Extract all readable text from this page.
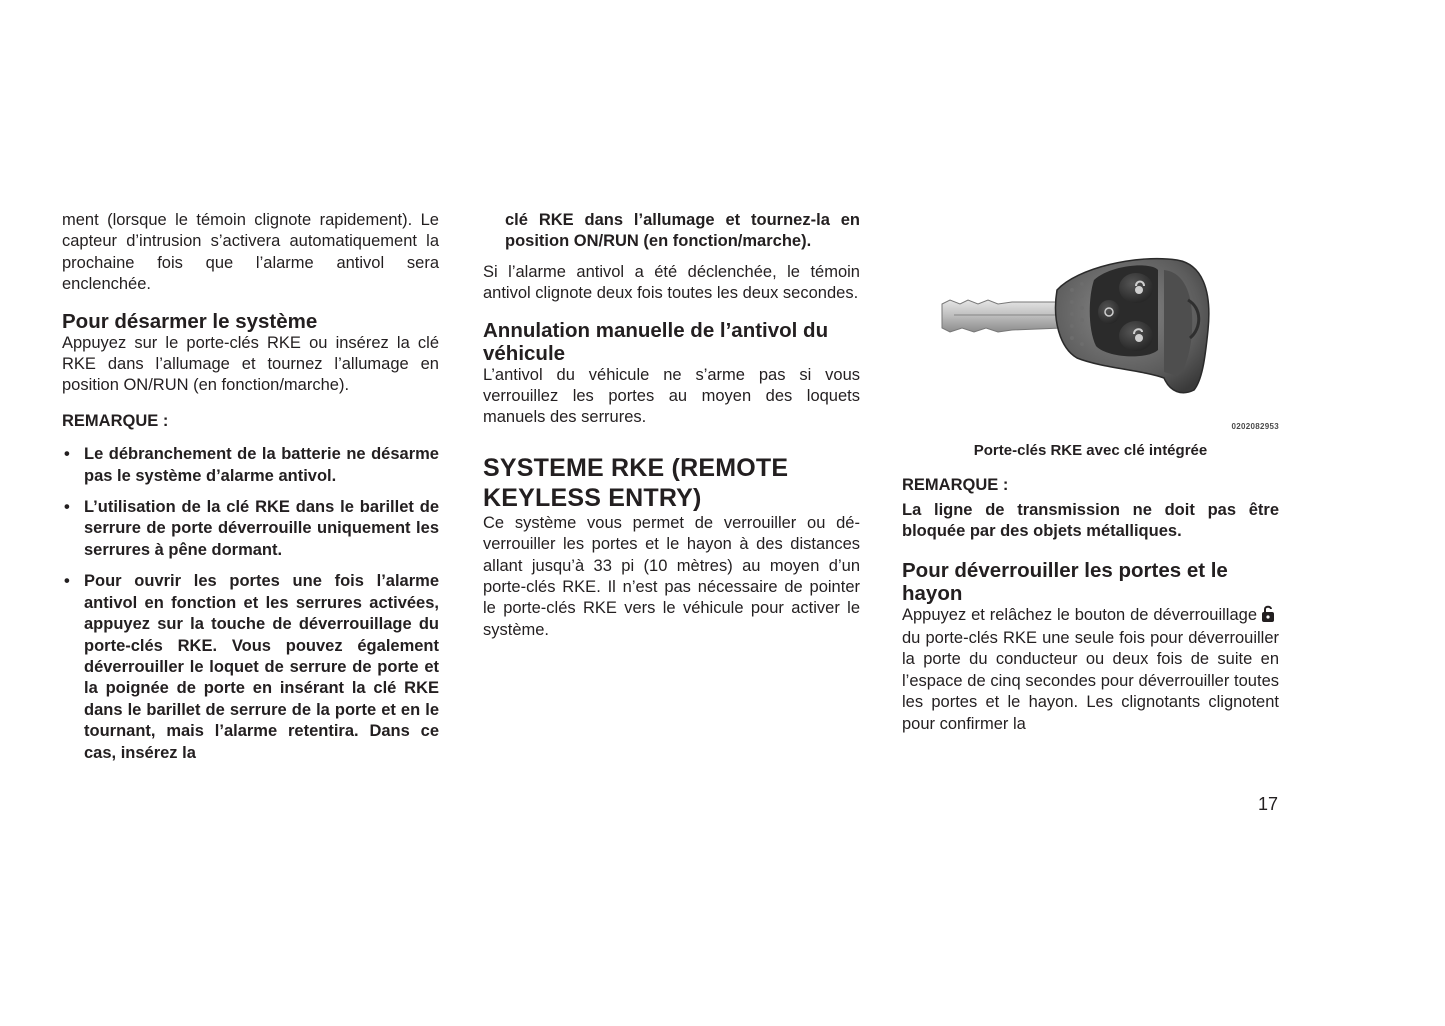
ment (lorsque le témoin clignote rapidement). Le capteur d’intrusion s’activera automatiquement la prochaine fois que l’alarme antivol sera enclenchée.

Pour désarmer le système

Appuyez sur le porte-clés RKE ou insérez la clé RKE dans l’allumage et tournez l’allumage en position ON/RUN (en fonction/marche).

REMARQUE :
• Le débranchement de la batterie ne désarme pas le système d’alarme antivol.
• L’utilisation de la clé RKE dans le barillet de serrure de porte déverrouille uniquement les serrures à pêne dormant.
• Pour ouvrir les portes une fois l’alarme antivol en fonction et les serrures activées, appuyez sur la touche de déverrouillage du porte-clés RKE. Vous pouvez également déverrouiller le loquet de serrure de porte et la poignée de porte en insérant la clé RKE dans le barillet de serrure de la porte et en le tournant, mais l’alarme retentira. Dans ce cas, insérez la
clé RKE dans l’allumage et tournez-la en position ON/RUN (en fonction/marche).

Si l’alarme antivol a été déclenchée, le témoin antivol clignote deux fois toutes les deux secondes.

Annulation manuelle de l’antivol du véhicule

L’antivol du véhicule ne s’arme pas si vous verrouillez les portes au moyen des loquets manuels des serrures.

SYSTEME RKE (REMOTE KEYLESS ENTRY)

Ce système vous permet de verrouiller ou déverrouiller les portes et le hayon à des distances allant jusqu’à 33 pi (10 mètres) au moyen d’un porte-clés RKE. Il n’est pas nécessaire de pointer le porte-clés RKE vers le véhicule pour activer le système.

0202082953
Porte-clés RKE avec clé intégrée
REMARQUE :

La ligne de transmission ne doit pas être bloquée par des objets métalliques.

Pour déverrouiller les portes et le hayon

Appuyez et relâchez le bouton de déverrouillagedu porte-clés RKE une seule fois pour déverrouiller la porte du conducteur ou deux fois de suite en l’espace de cinq secondes pour déverrouiller toutes les portes et le hayon. Les clignotants clignotent pour confirmer la

17
